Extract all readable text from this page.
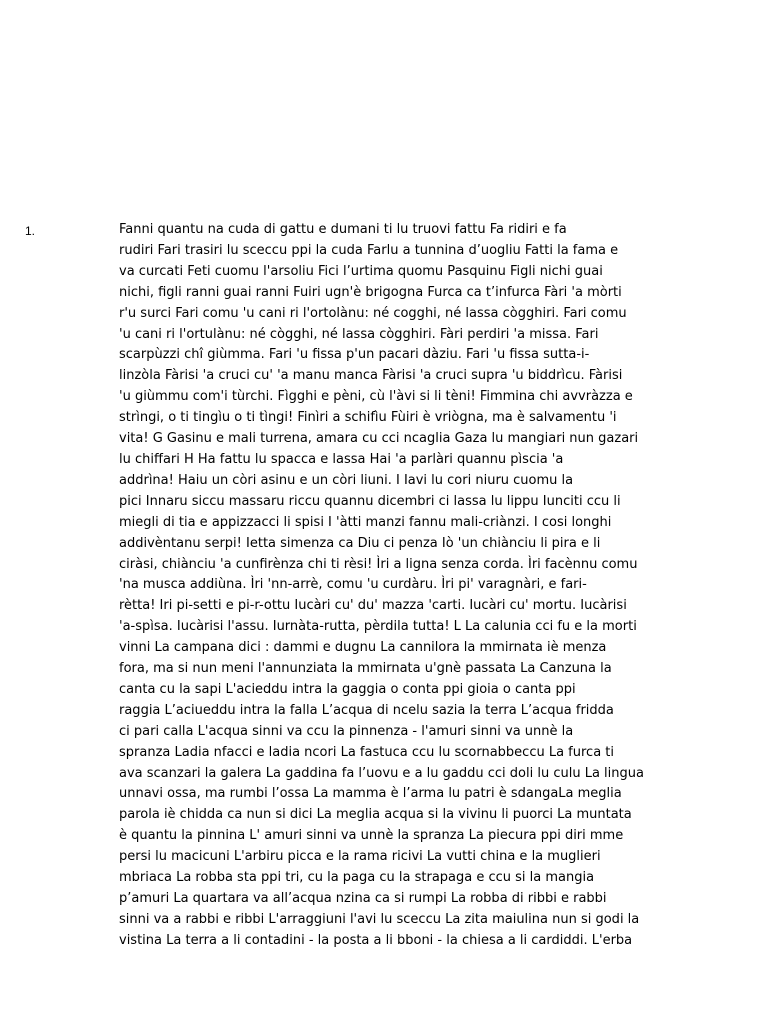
1.	Fanni quantu na cuda di gattu e dumani ti lu truovi fattu Fa ridiri e fa
rudiri Fari trasiri lu sceccu ppi la cuda Farlu a tunnina d’uogliu Fatti la fama e
va curcati Feti cuomu l'arsoliu Fici l’urtima quomu Pasquinu Figli nichi guai
nichi, figli ranni guai ranni Fuiri ugn'è brigogna Furca ca t’infurca Fàri 'a mòrti
r'u surci Fari comu 'u cani ri l'ortolànu: né cogghi, né lassa cògghiri. Fari comu
'u cani ri l'ortulànu: né cògghi, né lassa cògghiri. Fàri perdiri 'a missa. Fari
scarpùzzi chî giùmma. Fari 'u fissa p'un pacari dàziu. Fari 'u fissa sutta-i-
linzòla Fàrisi 'a cruci cu' 'a manu manca Fàrisi 'a cruci supra 'u biddrìcu. Fàrisi
'u giùmmu com'i tùrchi. Fìgghi e pèni, cù l'àvi si li tèni! Fimmina chi avvràzza e
strìngi, o ti tingìu o ti tìngi! Finìri a schifìu Fùiri è vriògna, ma è salvamentu 'i
vita! G Gasinu e mali turrena, amara cu cci ncaglia Gaza lu mangiari nun gazari
lu chiffari H Ha fattu lu spacca e lassa Hai 'a parlàri quannu pìscia 'a
addrìna! Haiu un còri asinu e un còri liuni. I Iavi lu cori niuru cuomu la
pici Innaru siccu massaru riccu quannu dicembri ci lassa lu lippu Iunciti ccu li
miegli di tia e appizzacci li spisi I 'àtti manzi fannu mali-criànzi. I cosi longhi
addivèntanu serpi! Ietta simenza ca Diu ci penza Iò 'un chiànciu li pira e li
ciràsi, chiànciu 'a cunfirènza chi ti rèsi! Ìri a ligna senza corda. Ìri facènnu comu
'na musca addiùna. Ìri 'nn-arrè, comu 'u curdàru. Ìri pi' varagnàri, e fari-
rètta! Iri pi-setti e pi-r-ottu Iucàri cu' du' mazza 'carti. Iucàri cu' mortu. Iucàrisi
'a-spìsa. Iucàrisi l'assu. Iurnàta-rutta, pèrdila tutta! L La calunia cci fu e la morti
vinni La campana dici : dammi e dugnu La cannilora la mmirnata iè menza
fora, ma si nun meni l'annunziata la mmirnata u'gnè passata La Canzuna la
canta cu la sapi L'acieddu intra la gaggia o conta ppi gioia o canta ppi
raggia L’aciueddu intra la falla L’acqua di ncelu sazia la terra L’acqua fridda
ci pari calla L'acqua sinni va ccu la pinnenza - l'amuri sinni va unnè la
spranza Ladia nfacci e ladia ncori La fastuca ccu lu scornabbeccu La furca ti
ava scanzari la galera La gaddina fa l’uovu e a lu gaddu cci doli lu culu La lingua
unnavi ossa, ma rumbi l’ossa La mamma è l’arma lu patri è sdangaLa meglia
parola iè chidda ca nun si dici La meglia acqua si la vivinu li puorci La muntata
è quantu la pinnina L' amuri sinni va unnè la spranza La piecura ppi diri mme
persi lu macicuni L'arbiru picca e la rama ricivi La vutti china e la muglieri
mbriaca La robba sta ppi tri, cu la paga cu la strapaga e ccu si la mangia
p’amuri La quartara va all’acqua nzina ca si rumpi La robba di ribbi e rabbi
sinni va a rabbi e ribbi L'arraggiuni l'avi lu sceccu La zita maiulina nun si godi la
vistina La terra a li contadini - la posta a li bboni - la chiesa a li cardiddi. L'erba
